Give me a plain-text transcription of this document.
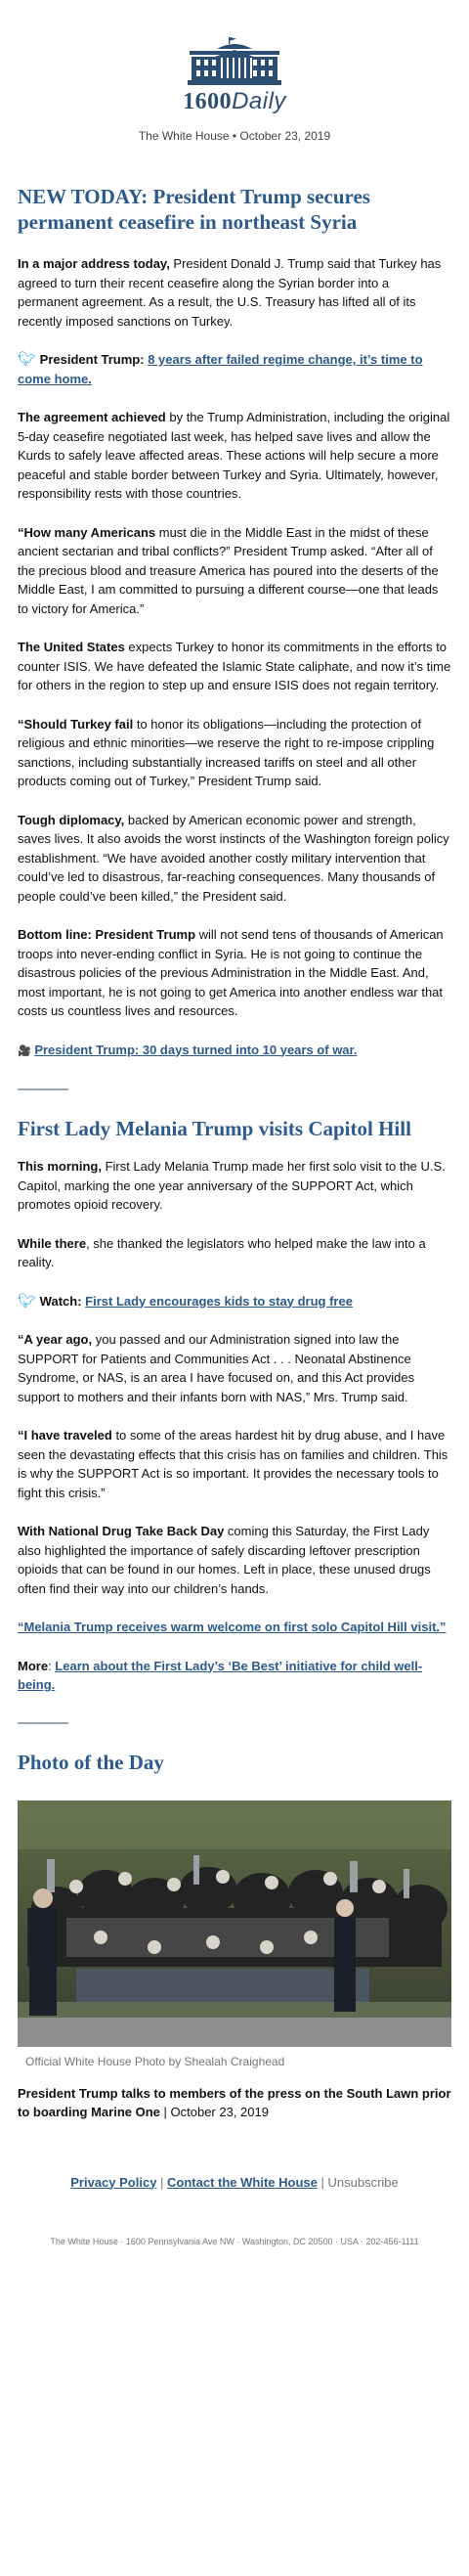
1600Daily
The White House • October 23, 2019
NEW TODAY: President Trump secures permanent ceasefire in northeast Syria

In a major address today, President Donald J. Trump said that Turkey has agreed to turn their recent ceasefire along the Syrian border into a permanent agreement. As a result, the U.S. Treasury has lifted all of its recently imposed sanctions on Turkey.

🐦︎ President Trump: 8 years after failed regime change, it’s time to come home.

The agreement achieved by the Trump Administration, including the original 5-day ceasefire negotiated last week, has helped save lives and allow the Kurds to safely leave affected areas. These actions will help secure a more peaceful and stable border between Turkey and Syria. Ultimately, however, responsibility rests with those countries.

“How many Americans must die in the Middle East in the midst of these ancient sectarian and tribal conflicts?” President Trump asked. “After all of the precious blood and treasure America has poured into the deserts of the Middle East, I am committed to pursuing a different course—one that leads to victory for America.”

The United States expects Turkey to honor its commitments in the efforts to counter ISIS. We have defeated the Islamic State caliphate, and now it’s time for others in the region to step up and ensure ISIS does not regain territory.

“Should Turkey fail to honor its obligations—including the protection of religious and ethnic minorities—we reserve the right to re-impose crippling sanctions, including substantially increased tariffs on steel and all other products coming out of Turkey,” President Trump said.

Tough diplomacy, backed by American economic power and strength, saves lives. It also avoids the worst instincts of the Washington foreign policy establishment. “We have avoided another costly military intervention that could’ve led to disastrous, far-reaching consequences. Many thousands of people could’ve been killed,” the President said.

Bottom line: President Trump will not send tens of thousands of American troops into never-ending conflict in Syria. He is not going to continue the disastrous policies of the previous Administration in the Middle East. And, most important, he is not going to get America into another endless war that costs us countless lives and resources.

🎥 President Trump: 30 days turned into 10 years of war.

First Lady Melania Trump visits Capitol Hill

This morning, First Lady Melania Trump made her first solo visit to the U.S. Capitol, marking the one year anniversary of the SUPPORT Act, which promotes opioid recovery.

While there, she thanked the legislators who helped make the law into a reality.

🐦︎ Watch: First Lady encourages kids to stay drug free

“A year ago, you passed and our Administration signed into law the SUPPORT for Patients and Communities Act . . . Neonatal Abstinence Syndrome, or NAS, is an area I have focused on, and this Act provides support to mothers and their infants born with NAS,” Mrs. Trump said.

“I have traveled to some of the areas hardest hit by drug abuse, and I have seen the devastating effects that this crisis has on families and children. This is why the SUPPORT Act is so important. It provides the necessary tools to fight this crisis.”

With National Drug Take Back Day coming this Saturday, the First Lady also highlighted the importance of safely discarding leftover prescription opioids that can be found in our homes. Left in place, these unused drugs often find their way into our children’s hands.

“Melania Trump receives warm welcome on first solo Capitol Hill visit.”

More: Learn about the First Lady’s ‘Be Best’ initiative for child well-being.

Photo of the Day
Official White House Photo by Shealah Craighead

President Trump talks to members of the press on the South Lawn prior to boarding Marine One | October 23, 2019

Privacy Policy | Contact the White House | Unsubscribe
The White House · 1600 Pennsylvania Ave NW · Washington, DC 20500 · USA · 202-456-1111
